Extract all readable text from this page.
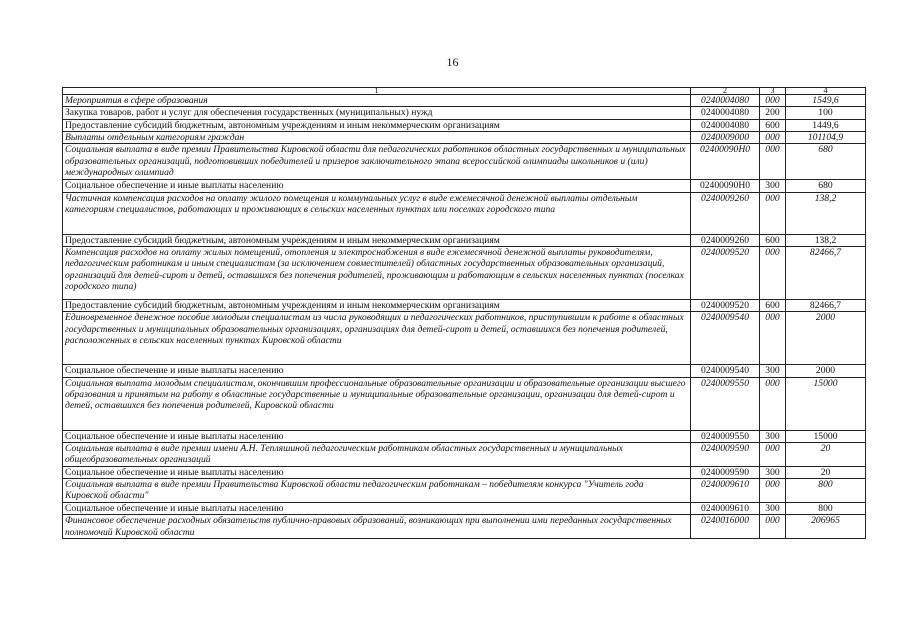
16
1	2	3	4
Мероприятия в сфере образования	0240004080	000	1549,6
Закупка товаров, работ и услуг для обеспечения государственных (муниципальных) нужд	0240004080	200	100
Предоставление субсидий бюджетным, автономным учреждениям и иным некоммерческим организациям	0240004080	600	1449,6
Выплаты отдельным категориям граждан	0240009000	000	101104,9
Социальная выплата в виде премии Правительства Кировской области для педагогических работников областных государственных и муниципальных образовательных организаций, подготовивших победителей и призеров заключительного этапа всероссийской олимпиады школьников и (или) международных олимпиад	02400090Н0	000	680
Социальное обеспечение и иные выплаты населению	02400090Н0	300	680
Частичная компенсация расходов на оплату жилого помещения и коммунальных услуг в виде ежемесячной денежной выплаты отдельным категориям специалистов, работающих и проживающих в сельских населенных пунктах или поселках городского типа	0240009260	000	138,2
Предоставление субсидий бюджетным, автономным учреждениям и иным некоммерческим организациям	0240009260	600	138,2
Компенсация расходов на оплату жилых помещений, отопления и электроснабжения в виде ежемесячной денежной выплаты руководителям, педагогическим работникам и иным специалистам (за исключением совместителей) областных государственных образовательных организаций, организаций для детей-сирот и детей, оставшихся без попечения родителей, проживающим и работающим в сельских населенных пунктах (поселках городского типа)	0240009520	000	82466,7
Предоставление субсидий бюджетным, автономным учреждениям и иным некоммерческим организациям	0240009520	600	82466,7
Единовременное денежное пособие молодым специалистам из числа руководящих и педагогических работников, приступившим к работе в областных государственных и муниципальных образовательных организациях, организациях для детей-сирот и детей, оставшихся без попечения родителей, расположенных в сельских населенных пунктах Кировской области	0240009540	000	2000
Социальное обеспечение и иные выплаты населению	0240009540	300	2000
Социальная выплата молодым специалистам, окончившим профессиональные образовательные организации и образовательные организации высшего образования и принятым на работу в областные государственные и муниципальные образовательные организации, организации для детей-сирот и детей, оставшихся без попечения родителей, Кировской области	0240009550	000	15000
Социальное обеспечение и иные выплаты населению	0240009550	300	15000
Социальная выплата в виде премии имени А.Н. Тепляшиной педагогическим работникам областных государственных и муниципальных общеобразовательных организаций	0240009590	000	20
Социальное обеспечение и иные выплаты населению	0240009590	300	20
Социальная выплата в виде премии Правительства Кировской области педагогическим работникам – победителям конкурса "Учитель года Кировской области"	0240009610	000	800
Социальное обеспечение и иные выплаты населению	0240009610	300	800
Финансовое обеспечение расходных обязательств публично-правовых образований, возникающих при выполнении ими переданных государственных полномочий Кировской области	0240016000	000	206965
